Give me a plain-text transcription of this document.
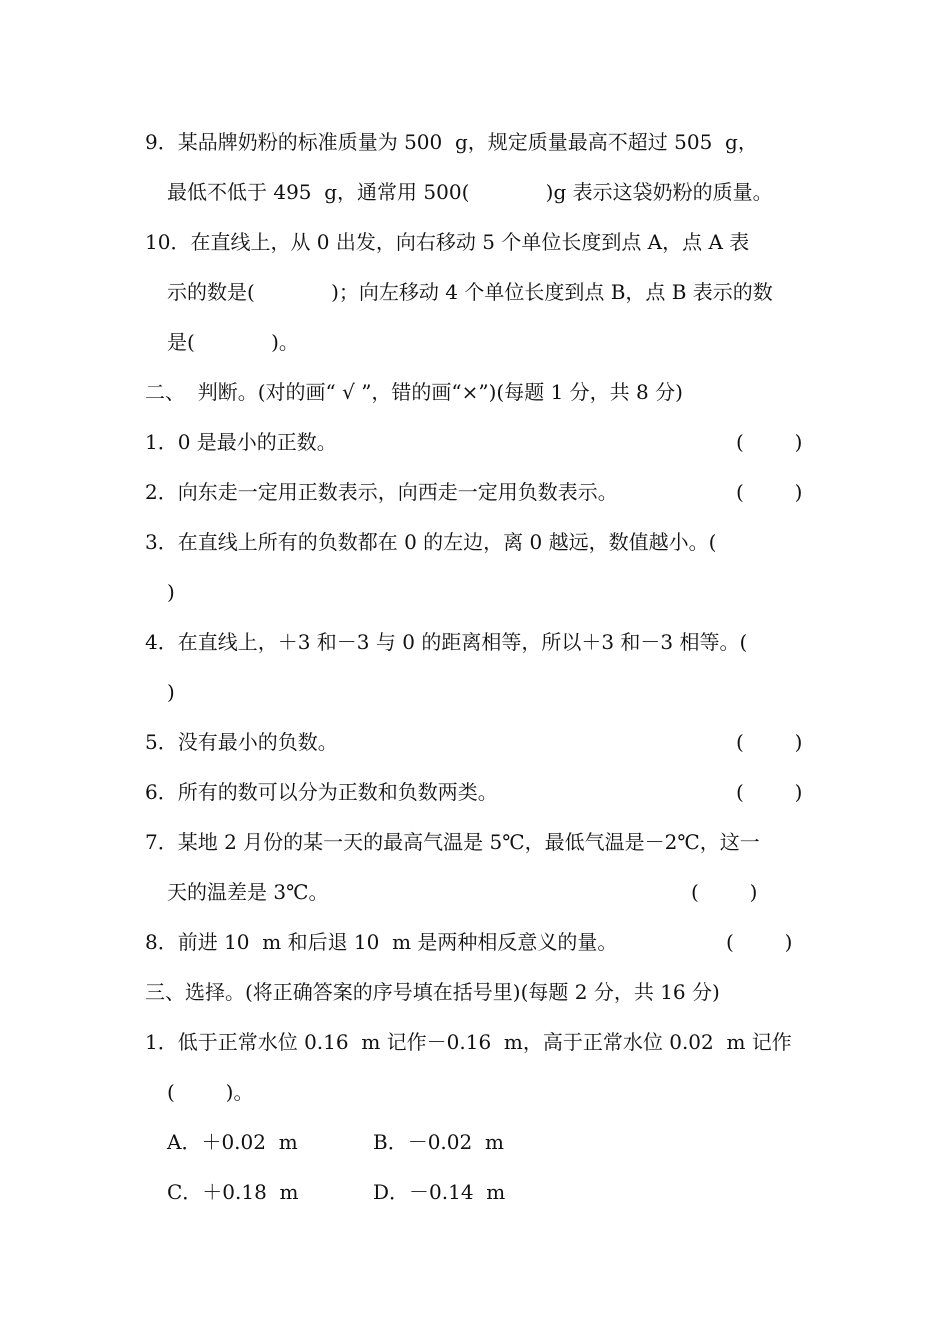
9．某品牌奶粉的标准质量为 500  g，规定质量最高不超过 505  g，
最低不低于 495  g，通常用 500(            )g 表示这袋奶粉的质量。
10．在直线上，从 0 出发，向右移动 5 个单位长度到点 A，点 A 表
示的数是(            )；向左移动 4 个单位长度到点 B，点 B 表示的数
是(            )。
二、  判断。(对的画“ √ ”，错的画“×”)(每题 1 分，共 8 分)
1．0 是最小的正数。	(        )
2．向东走一定用正数表示，向西走一定用负数表示。	(        )
3．在直线上所有的负数都在 0 的左边，离 0 越远，数值越小。(
)
4．在直线上，＋3 和－3 与 0 的距离相等，所以＋3 和－3 相等。(
)
5．没有最小的负数。	(        )
6．所有的数可以分为正数和负数两类。	(        )
7．某地 2 月份的某一天的最高气温是 5℃，最低气温是－2℃，这一
天的温差是 3℃。	(        )
8．前进 10  m 和后退 10  m 是两种相反意义的量。	(        )
三、选择。(将正确答案的序号填在括号里)(每题 2 分，共 16 分)
1．低于正常水位 0.16  m 记作－0.16  m，高于正常水位 0.02  m 记作
(        )。
A．＋0.02  m	B．－0.02  m
C．＋0.18  m	D．－0.14  m
